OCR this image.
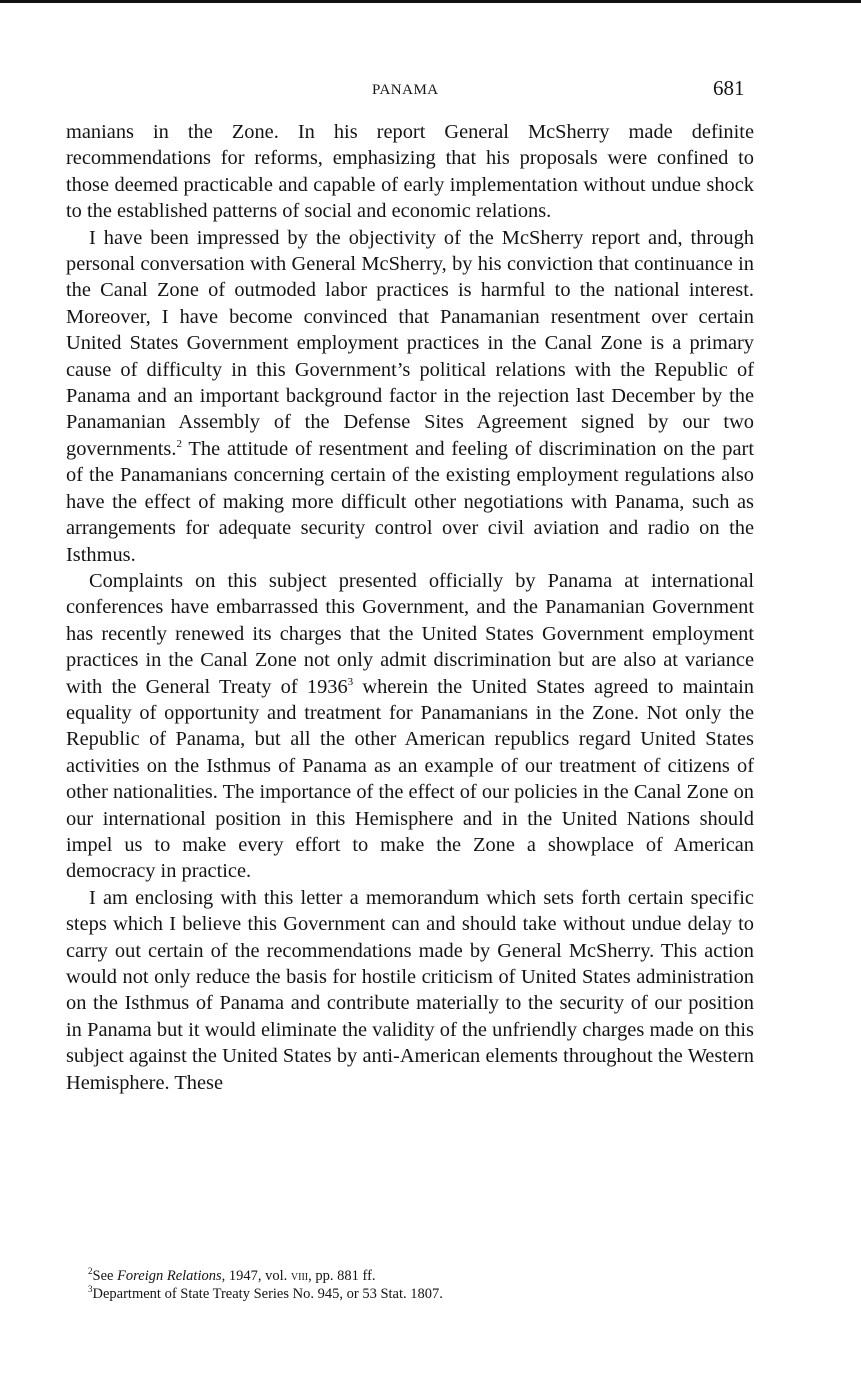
PANAMA	681

manians in the Zone. In his report General McSherry made definite recommendations for reforms, emphasizing that his proposals were confined to those deemed practicable and capable of early implementation without undue shock to the established patterns of social and economic relations.

I have been impressed by the objectivity of the McSherry report and, through personal conversation with General McSherry, by his conviction that continuance in the Canal Zone of outmoded labor practices is harmful to the national interest. Moreover, I have become convinced that Panamanian resentment over certain United States Government employment practices in the Canal Zone is a primary cause of difficulty in this Government’s political relations with the Republic of Panama and an important background factor in the rejection last December by the Panamanian Assembly of the Defense Sites Agreement signed by our two governments.$^2$ The attitude of resentment and feeling of discrimination on the part of the Panamanians concerning certain of the existing employment regulations also have the effect of making more difficult other negotiations with Panama, such as arrangements for adequate security control over civil aviation and radio on the Isthmus.

Complaints on this subject presented officially by Panama at international conferences have embarrassed this Government, and the Panamanian Government has recently renewed its charges that the United States Government employment practices in the Canal Zone not only admit discrimination but are also at variance with the General Treaty of 1936$^3$ wherein the United States agreed to maintain equality of opportunity and treatment for Panamanians in the Zone. Not only the Republic of Panama, but all the other American republics regard United States activities on the Isthmus of Panama as an example of our treatment of citizens of other nationalities. The importance of the effect of our policies in the Canal Zone on our international position in this Hemisphere and in the United Nations should impel us to make every effort to make the Zone a showplace of American democracy in practice.

I am enclosing with this letter a memorandum which sets forth certain specific steps which I believe this Government can and should take without undue delay to carry out certain of the recommendations made by General McSherry. This action would not only reduce the basis for hostile criticism of United States administration on the Isthmus of Panama and contribute materially to the security of our position in Panama but it would eliminate the validity of the unfriendly charges made on this subject against the United States by anti-American elements throughout the Western Hemisphere. These

$^2$See Foreign Relations, 1947, vol. viii, pp. 881 ff.
$^3$Department of State Treaty Series No. 945, or 53 Stat. 1807.
